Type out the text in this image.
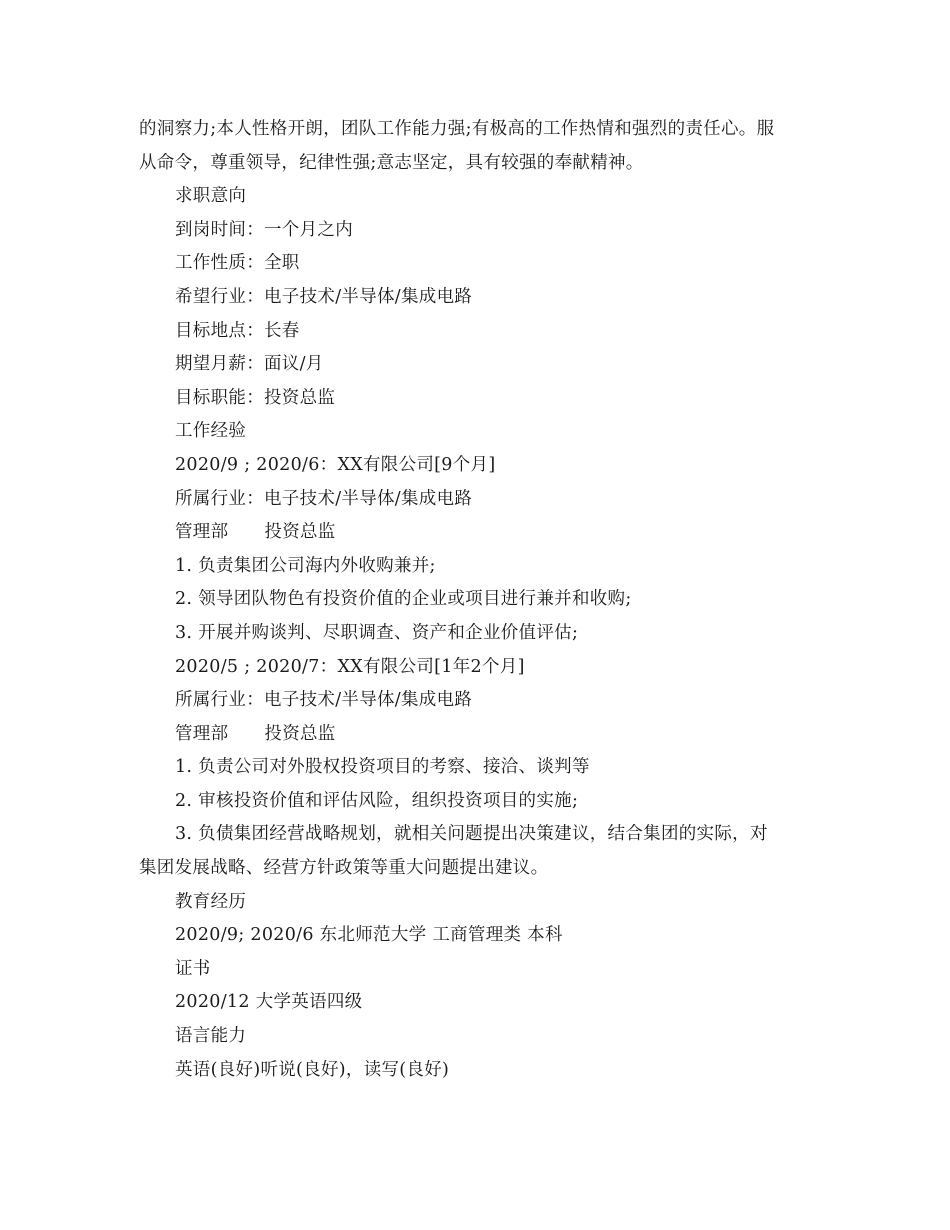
的洞察力;本人性格开朗，团队工作能力强;有极高的工作热情和强烈的责任心。服
从命令，尊重领导，纪律性强;意志坚定，具有较强的奉献精神。
求职意向
到岗时间：一个月之内
工作性质：全职
希望行业：电子技术/半导体/集成电路
目标地点：长春
期望月薪：面议/月
目标职能：投资总监
工作经验
2020/9 ; 2020/6：XX有限公司[9个月]
所属行业：电子技术/半导体/集成电路
管理部 投资总监
1. 负责集团公司海内外收购兼并;
2. 领导团队物色有投资价值的企业或项目进行兼并和收购;
3. 开展并购谈判、尽职调查、资产和企业价值评估;
2020/5 ; 2020/7：XX有限公司[1年2个月]
所属行业：电子技术/半导体/集成电路
管理部 投资总监
1. 负责公司对外股权投资项目的考察、接洽、谈判等
2. 审核投资价值和评估风险，组织投资项目的实施;
3. 负债集团经营战略规划，就相关问题提出决策建议，结合集团的实际，对
集团发展战略、经营方针政策等重大问题提出建议。
教育经历
2020/9; 2020/6 东北师范大学 工商管理类 本科
证书
2020/12 大学英语四级
语言能力
英语(良好)听说(良好)，读写(良好)
